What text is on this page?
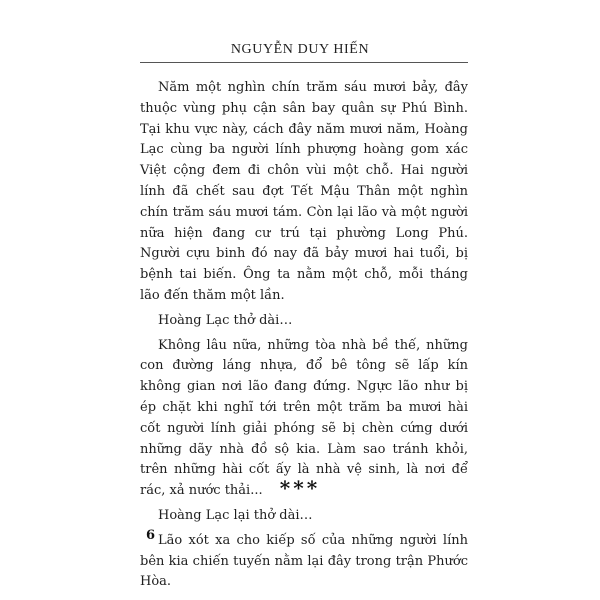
NGUYỄN DUY HIẾN

Năm một nghìn chín trăm sáu mươi bảy, đây thuộc vùng phụ cận sân bay quân sự Phú Bình. Tại khu vực này, cách đây năm mươi năm, Hoàng Lạc cùng ba người lính phượng hoàng gom xác Việt cộng đem đi chôn vùi một chỗ. Hai người lính đã chết sau đợt Tết Mậu Thân một nghìn chín trăm sáu mươi tám. Còn lại lão và một người nữa hiện đang cư trú tại phường Long Phú. Người cựu binh đó nay đã bảy mươi hai tuổi, bị bệnh tai biến. Ông ta nằm một chỗ, mỗi tháng lão đến thăm một lần.

Hoàng Lạc thở dài…

Không lâu nữa, những tòa nhà bề thế, những con đường láng nhựa, đổ bê tông sẽ lấp kín không gian nơi lão đang đứng. Ngực lão như bị ép chặt khi nghĩ tới trên một trăm ba mươi hài cốt người lính giải phóng sẽ bị chèn cứng dưới những dãy nhà đồ sộ kia. Làm sao tránh khỏi, trên những hài cốt ấy là nhà vệ sinh, là nơi để rác, xả nước thải...

Hoàng Lạc lại thở dài…

Lão xót xa cho kiếp số của những người lính bên kia chiến tuyến nằm lại đây trong trận Phước Hòa.

***
6
